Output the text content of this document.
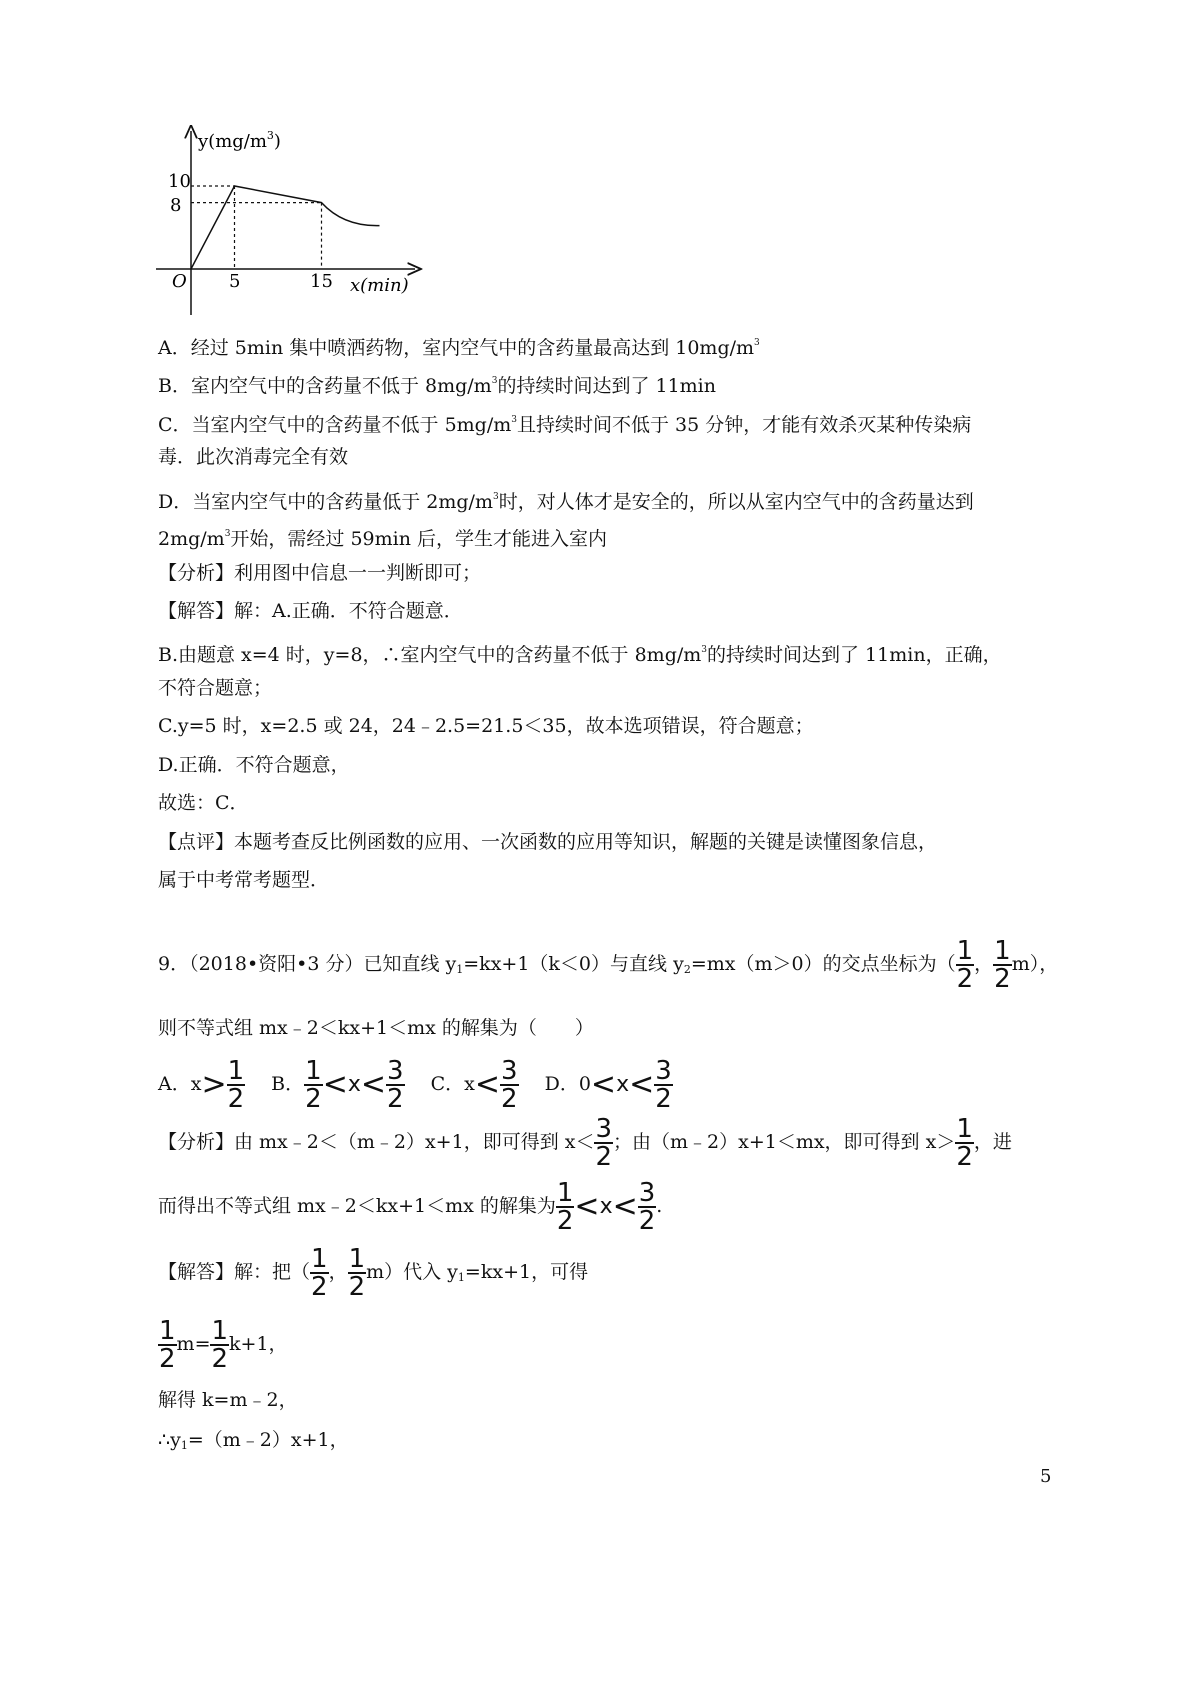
$y(mg/m^3)$
x(min)
O
10
8
5	15
A．经过 5min 集中喷洒药物，室内空气中的含药量最高达到 $10mg/m^3$
B．室内空气中的含药量不低于 $8mg/m^3$的持续时间达到了 11min
C．当室内空气中的含药量不低于 $5mg/m^3$且持续时间不低于 35 分钟，才能有效杀灭某种传染病
毒．此次消毒完全有效
D．当室内空气中的含药量低于 $2mg/m^3$时，对人体才是安全的，所以从室内空气中的含药量达到
$2mg/m^3$开始，需经过 59min 后，学生才能进入室内
【分析】利用图中信息一一判断即可；
【解答】解：A.正确．不符合题意．
B.由题意 x=4 时，y=8，∴室内空气中的含药量不低于 $8mg/m^3$的持续时间达到了 11min，正确，
不符合题意；
C.y=5 时，x=2.5 或 24，24﹣2.5=21.5＜35，故本选项错误，符合题意；
D.正确．不符合题意，
故选：C．
【点评】本题考查反比例函数的应用、一次函数的应用等知识，解题的关键是读懂图象信息，
属于中考常考题型．
9．（2018•资阳•3 分）已知直线 $y_1=kx+1(k<0)$与直线 $y_2=mx(m>0)$的交点坐标为（ $\frac{1}{2}$ ， $\frac{1}{2} m$），
则不等式组 mx﹣2＜kx+1＜mx 的解集为（　　）
A．$x> \frac{1}{2}$ B． $\frac{1}{2} <x< \frac{3}{2}$ C．$x< \frac{3}{2}$ D．$0<x< \frac{3}{2}$
【分析】由 mx﹣2＜（m﹣2）x+1，即可得到 $x< \frac{3}{2}$ ；由（m﹣2）x+1＜mx，即可得到 $x> \frac{1}{2}$ ，进
而得出不等式组 mx﹣2＜kx+1＜mx 的解集为 $\frac{1}{2} <x< \frac{3}{2}$ .
【解答】解：把（ $\frac{1}{2}$ ， $\frac{1}{2} m$）代入 $y_1=kx+1$，可得
$\frac{1}{2} m= \frac{1}{2} k+1$，
解得 k=m﹣2，
$\therefore y_1=(m﹣2)x+1$，
5
